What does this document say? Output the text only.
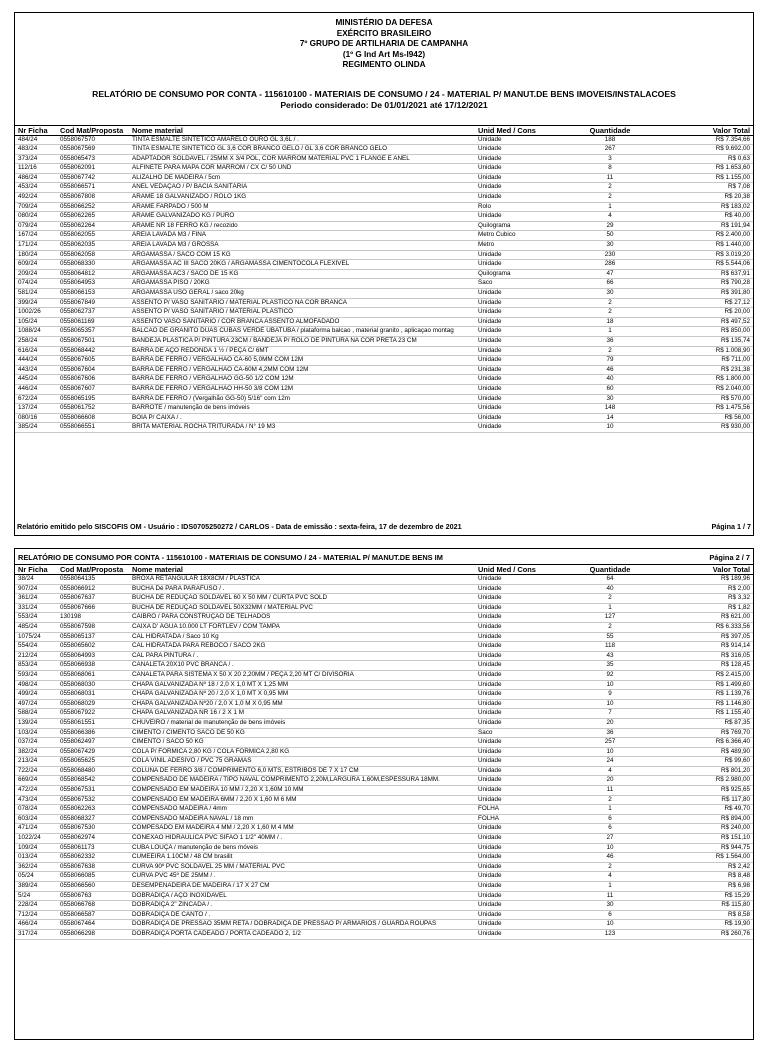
MINISTÉRIO DA DEFESA
EXÉRCITO BRASILEIRO
7º GRUPO DE ARTILHARIA DE CAMPANHA
(1º G Ind Art Ms-l942)
REGIMENTO OLINDA
RELATÓRIO DE CONSUMO POR CONTA - 115610100 - MATERIAIS DE CONSUMO / 24 - MATERIAL P/ MANUT.DE BENS IMOVEIS/INSTALACOES
Periodo considerado: De 01/01/2021 até 17/12/2021
Nr Ficha	Cod Mat/Proposta	Nome material	Unid Med / Cons	Quantidade	Valor Total
484/24	0558067570	TINTA ESMALTE SINTETICO AMARELO OURO GL 3,6L / .	Unidade	188	R$ 7.354,66
483/24	0558067569	TINTA ESMALTE SINTETICO GL 3,6 COR BRANCO GELO / GL 3,6 COR BRANCO GELO	Unidade	267	R$ 9.692,00
373/24	0558065473	ADAPTADOR SOLDAVEL / 25MM X 3/4 POL, COR MARROM MATERIAL PVC 1 FLANGE E ANEL	Unidade	3	R$ 0,63
112/16	0558062091	ALFINETE PARA MAPA COR MARROM / CX C/ 50 UND	Unidade	8	R$ 1.653,60
486/24	0558067742	ALIZALHO DE MADEIRA / 5cm	Unidade	11	R$ 1.155,00
453/24	0558066571	ANEL VEDAÇÃO / P/ BACIA SANITÁRIA	Unidade	2	R$ 7,08
492/24	0558067808	ARAME 18 GALVANIZADO / ROLO 1KG	Unidade	2	R$ 20,38
709/24	0558066252	ARAME FARPADO / 500 M	Rolo	1	R$ 183,02
080/24	0558062265	ARAME GALVANIZADO KG / PURO	Unidade	4	R$ 40,00
079/24	0558062264	ARAME NR 18 FERRO KG / recozido	Quilograma	29	R$ 191,94
167/24	0558062055	AREIA LAVADA M3 / FINA	Metro Cubico	50	R$ 2.400,00
171/24	0558062035	AREIA LAVADA M3 / GROSSA	Metro	30	R$ 1.440,00
180/24	0558062058	ARGAMASSA / SACO COM 15 KG	Unidade	230	R$ 3.019,20
609/24	0558068330	ARGAMASSA AC III SACO 20KG / ARGAMASSA CIMENTOCOLA FLEXÍVEL	Unidade	286	R$ 5.544,06
209/24	0558064812	ARGAMASSA AC3 / SACO DE 15 KG	Quilograma	47	R$ 637,91
074/24	0558064953	ARGAMASSA PISO / 20KG	Saco	66	R$ 790,28
581/24	0558066153	ARGAMASSA USO GERAL / saco 20kg	Unidade	30	R$ 391,80
399/24	0558067849	ASSENTO P/ VASO SANITÁRIO / MATERIAL PLASTICO NA COR BRANCA	Unidade	2	R$ 27,12
1002/26	0558062737	ASSENTO P/ VASO SANITÁRIO / MATERIAL PLÁSTICO	Unidade	2	R$ 20,00
105/24	0558061169	ASSENTO VASO SANITARIO / COR BRANCA ASSENTO ALMOFADADO	Unidade	18	R$ 497,52
1088/24	0558065357	BALCÃO DE GRANITO DUAS CUBAS VERDE UBATUBA / plataforma balcao , material granito , aplicaçao montag	Unidade	1	R$ 850,00
258/24	0558067501	BANDEJA PLASTICA P/ PINTURA 23CM / BANDEJA P/ ROLO DE PINTURA NA COR PRETA 23 CM	Unidade	36	R$ 135,74
616/24	0558068442	BARRA DE AÇO REDONDA 1 ½ / PEÇA C/ 6MT	Unidade	2	R$ 1.008,90
444/24	0558067605	BARRA DE FERRO / VERGALHÃO CA-60 5,0MM COM 12M	Unidade	79	R$ 711,00
443/24	0558067604	BARRA DE FERRO / VERGALHÃO CA-60M 4,2MM COM 12M	Unidade	46	R$ 231,38
445/24	0558067606	BARRA DE FERRO / VERGALHAO GG-50 1/2 COM 12M	Unidade	40	R$ 1.800,00
446/24	0558067607	BARRA DE FERRO / VERGALHAO HH-50 3/8 COM 12M	Unidade	60	R$ 2.040,00
672/24	0558065195	BARRA DE FERRO / (Vergalhão GG-50) 5/16" com 12m	Unidade	30	R$ 570,00
137/24	0558061752	BARROTE / manutenção de bens imóveis	Unidade	148	R$ 1.475,56
080/16	0558066608	BOIA P/ CAIXA / .	Unidade	14	R$ 56,00
385/24	0558066551	BRITA MATERIAL ROCHA TRITURADA / N° 19 M3	Unidade	10	R$ 930,00
Relatório emitido pelo SISCOFIS OM - Usuário : IDS0705250272 / CARLOS - Data de emissão : sexta-feira, 17 de dezembro de 2021	Página 1 / 7
RELATÓRIO DE CONSUMO POR CONTA - 115610100 - MATERIAIS DE CONSUMO / 24 - MATERIAL P/ MANUT.DE BENS IM	Página 2 / 7
Nr Ficha	Cod Mat/Proposta	Nome material	Unid Med / Cons	Quantidade	Valor Total
38/24	0558064135	BROXA RETANGULAR 18X8CM / PLASTICA	Unidade	64	R$ 189,96
907/24	0558066912	BUCHA Dé PARA PARAFUSO / .	Unidade	40	R$ 2,00
361/24	0558067637	BUCHA DE REDUÇÃO SOLDAVEL 60 X 50 MM / CURTA PVC SOLD	Unidade	2	R$ 3,32
331/24	0558067666	BUCHA DE REDUÇÃO SOLDAVEL 50X32MM / MATERIAL PVC	Unidade	1	R$ 1,82
553/24	130198	CAIBRO / PARA CONSTRUÇÃO DE TELHADOS	Unidade	127	R$ 621,00
485/24	0558067598	CAIXA D' ÁGUA 10.000 LT FORTLEV / COM TAMPA	Unidade	2	R$ 6.333,56
1075/24	0558065137	CAL HIDRATADA / Saco 10 Kg	Unidade	55	R$ 397,05
554/24	0558065602	CAL HIDRATADA PARA REBOCO / SACO 2KG	Unidade	118	R$ 914,14
212/24	0558064993	CAL PARA PINTURA / .	Unidade	43	R$ 316,05
853/24	0558066938	CANALETA 20X10 PVC BRANCA / .	Unidade	35	R$ 128,45
593/24	0558068061	CANALETA PARA SISTEMA X 50 X 20 2,20MM / PEÇA 2,20 MT C/ DIVISÓRIA	Unidade	92	R$ 2.415,00
498/24	0558068030	CHAPA GALVANIZADA Nº 18 / 2,0 X 1,0 MT X 1,25 MM	Unidade	10	R$ 1.499,60
499/24	0558068031	CHAPA GALVANIZADA Nº 20 / 2,0 X 1,0 MT X 0,95 MM	Unidade	9	R$ 1.139,76
497/24	0558068029	CHAPA GALVANIZADA Nº20 / 2,0 X 1,0 M X 0,95 MM	Unidade	10	R$ 1.146,80
588/24	0558067922	CHAPA GALVANIZADA NR 16 / 2 X 1 M	Unidade	7	R$ 1.155,40
139/24	0558061551	CHUVEIRO / material de manutenção de bens imóveis	Unidade	20	R$ 87,35
103/24	0558066386	CIMENTO / CIMENTO SACO DE 50 KG	Saco	36	R$ 769,70
037/24	0558062497	CIMENTO / SACO 50 KG	Unidade	257	R$ 6.366,40
382/24	0558067429	COLA P/ FORMICA 2,80 KG / COLA FORMICA 2,80 KG	Unidade	10	R$ 489,90
213/24	0558065625	COLA VINIL ADESIVO / PVC 75 GRAMAS	Unidade	24	R$ 99,60
722/24	0558068480	COLUNA DE FERRO 3/8 / COMPRIMENTO 6,0 MTS, ESTRIBOS DE 7 X 17 CM	Unidade	4	R$ 801,20
669/24	0558068542	COMPENSADO DE MADEIRA / TIPO NAVAL COMPRIMENTO 2,20M,LARGURA 1,60M,ESPESSURA 18MM.	Unidade	20	R$ 2.980,00
472/24	0558067531	COMPENSADO EM MADEIRA 10 MM / 2,20 X 1,60M 10 MM	Unidade	11	R$ 925,65
473/24	0558067532	COMPENSADO EM MADEIRA 6MM / 2,20 X 1,60 M 6 MM	Unidade	2	R$ 117,80
078/24	0558062263	COMPENSADO MADEIRA / 4mm	FOLHA	1	R$ 49,70
603/24	0558068327	COMPENSADO MADEIRA NAVAL / 18 mm	FOLHA	6	R$ 894,00
471/24	0558067530	COMPESADO EM MADEIRA 4 MM / 2,20 X 1,60 M 4 MM	Unidade	6	R$ 240,00
1022/24	0558062974	CONEXAO HIDRAULICA PVC SIFAO 1 1/2" 40MM / .	Unidade	27	R$ 151,10
109/24	0558061173	CUBA LOUÇA / manutenção de bens móveis	Unidade	10	R$ 944,75
013/24	0558062332	CUMEEIRA 1.10CM / 48 CM brasilit	Unidade	46	R$ 1.564,00
362/24	0558067638	CURVA 90º PVC SOLDAVEL 25 MM / MATERIAL PVC	Unidade	2	R$ 2,42
05/24	0558066085	CURVA PVC 45º DE 25MM / .	Unidade	4	R$ 8,48
389/24	0558066560	DESEMPENADEIRA DE MADEIRA / 17 X 27 CM	Unidade	1	R$ 6,98
5/24	055806763	DOBRADIÇA / AÇO INOXIDAVEL	Unidade	11	R$ 15,29
228/24	0558066768	DOBRADIÇA 2" ZINCADA / .	Unidade	30	R$ 115,80
712/24	0558066587	DOBRADIÇA DE CANTO / .	Unidade	6	R$ 8,58
466/24	0558067464	DOBRADIÇA DE PRESSÃO 35MM RETA / DOBRADIÇA DE PRESSÃO P/ ARMARIOS / GUARDA ROUPAS	Unidade	10	R$ 19,90
317/24	0558066298	DOBRADIÇA PORTA CADEADO / PORTA CADEADO 2, 1/2	Unidade	123	R$ 260,76
